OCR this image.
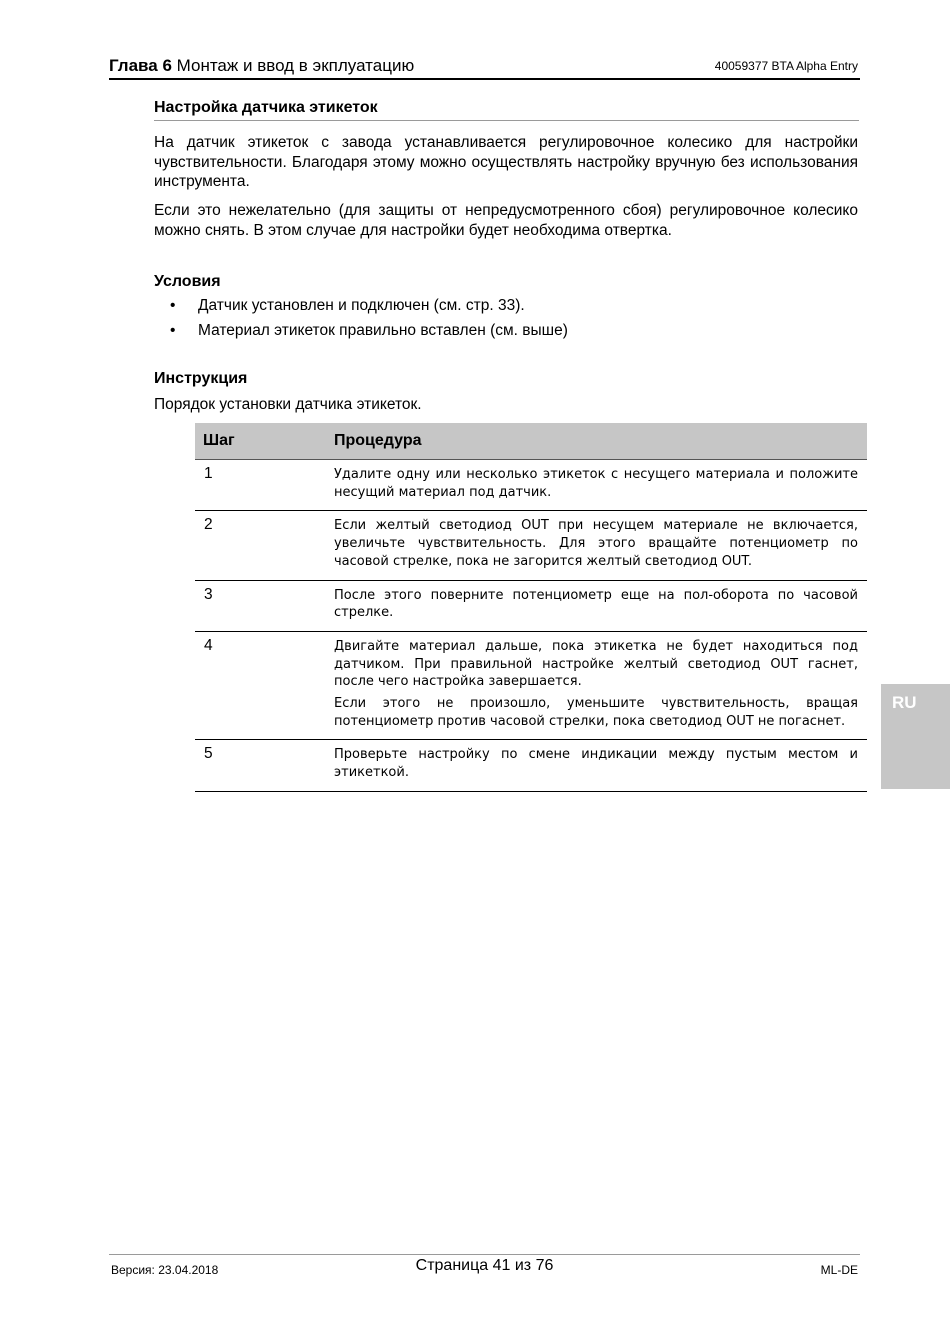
Глава 6 Монтаж и ввод в экплуатацию	40059377 BTA Alpha Entry
Настройка датчика этикеток
На датчик этикеток с завода устанавливается регулировочное колесико для настройки чувствительности. Благодаря этому можно осуществлять настройку вручную без использования инструмента.
Если это нежелательно (для защиты от непредусмотренного сбоя) регулировочное колесико можно снять. В этом случае для настройки будет необходима отвертка.
Условия
• Датчик установлен и подключен (см. стр. 33).
• Материал этикеток правильно вставлен (см. выше)
Инструкция
Порядок установки датчика этикеток.
Шаг	Процедура
1	Удалите одну или несколько этикеток с несущего материала и положите несущий материал под датчик.

2	Если желтый светодиод OUT при несущем материале не включается, увеличьте чувствительность. Для этого вращайте потенциометр по часовой стрелке, пока не загорится желтый светодиод OUT.

3	После этого поверните потенциометр еще на пол-оборота по часовой стрелке.

4	Двигайте материал дальше, пока этикетка не будет находиться под датчиком. При правильной настройке желтый светодиод OUT гаснет, после чего настройка завершается.

Если этого не произошло, уменьшите чувствительность, вращая потенциометр против часовой стрелки, пока светодиод OUT не погаснет.

5	Проверьте настройку по смене индикации между пустым местом и этикеткой.

RU
Версия: 23.04.2018	Страница 41 из 76	ML-DE
